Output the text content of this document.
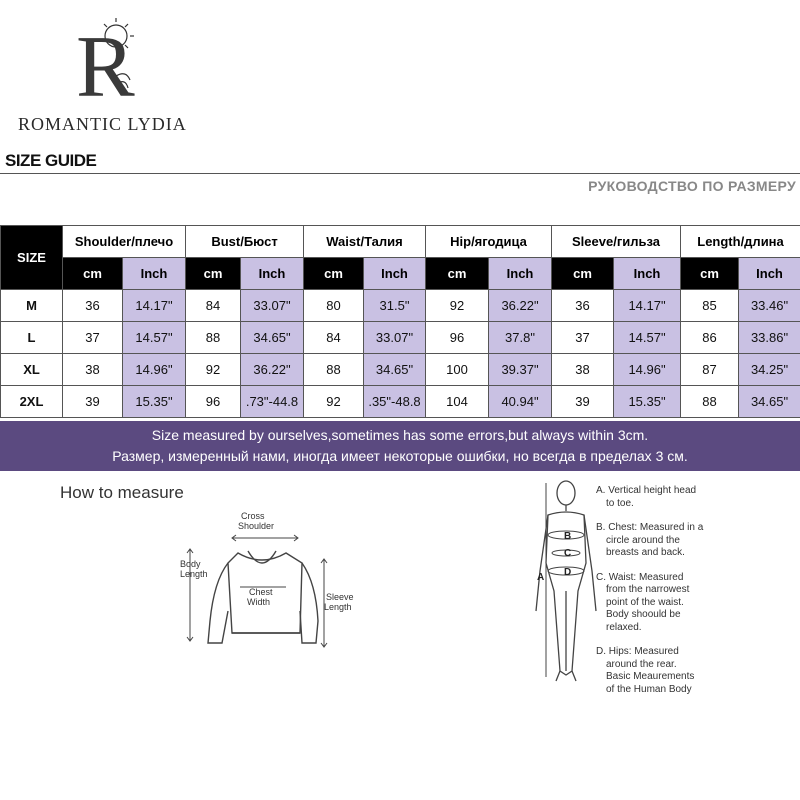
R
ROMANTIC LYDIA
SIZE GUIDE
РУКОВОДСТВО ПО РАЗМЕРУ
SIZE	Shoulder/плечо		Bust/Бюст		Waist/Талия		Hip/ягодица		Sleeve/гильза		Length/длина	
	cm	Inch	cm	Inch	cm	Inch	cm	Inch	cm	Inch	cm	Inch
M	36	14.17"	84	33.07"	80	31.5"	92	36.22"	36	14.17"	85	33.46"
L	37	14.57"	88	34.65"	84	33.07"	96	37.8"	37	14.57"	86	33.86"
XL	38	14.96"	92	36.22"	88	34.65"	100	39.37"	38	14.96"	87	34.25"
2XL	39	15.35"	96	.73"-44.8	92	.35"-48.8	104	40.94"	39	15.35"	88	34.65"
Size measured by ourselves,sometimes has some errors,but always within 3cm.
Размер, измеренный нами, иногда имеет некоторые ошибки, но всегда в пределах 3 см.
How to measure
Cross
Shoulder
Body
Length
Chest
Width	Sleeve
Length
B
C
D
A
A. Vertical height head
to toe.
B. Chest: Measured in a
circle around the
breasts and back.
C. Waist: Measured
from the narrowest
point of the waist.
Body shoould be
relaxed.
D. Hips: Measured
around the rear.
Basic Meaurements
of the Human Body
